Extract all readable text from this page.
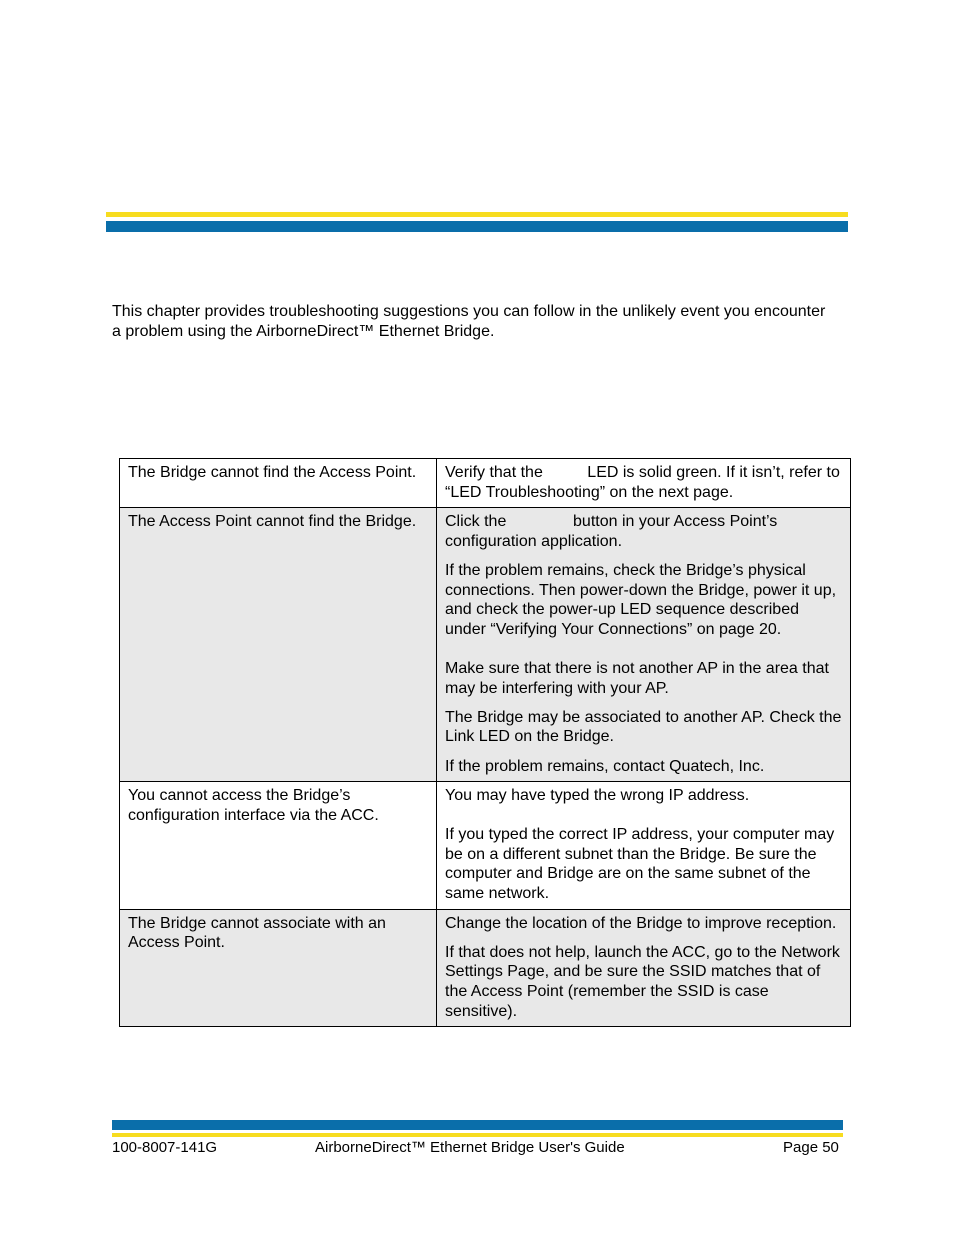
This chapter provides troubleshooting suggestions you can follow in the unlikely event you encounter a problem using the AirborneDirect™ Ethernet Bridge.

The Bridge cannot find the Access Point.	Verify that the          LED is solid green. If it isn’t, refer to “LED Troubleshooting” on the next page.

The Access Point cannot find the Bridge.	Click the               button in your Access Point’s configuration application.

If the problem remains, check the Bridge’s physical connections. Then power-down the Bridge, power it up, and check the power-up LED sequence described under “Verifying Your Connections” on page 20.

Make sure that there is not another AP in the area that may be interfering with your AP.

The Bridge may be associated to another AP. Check the Link LED on the Bridge.

If the problem remains, contact Quatech, Inc.

You cannot access the Bridge’s configuration interface via the ACC.	You may have typed the wrong IP address.

If you typed the correct IP address, your computer may be on a different subnet than the Bridge. Be sure the computer and Bridge are on the same subnet of the same network.

The Bridge cannot associate with an Access Point.	Change the location of the Bridge to improve reception.

If that does not help, launch the ACC, go to the Network Settings Page, and be sure the SSID matches that of the Access Point (remember the SSID is case sensitive).

100-8007-141G	AirborneDirect™ Ethernet Bridge User's Guide	Page 50
